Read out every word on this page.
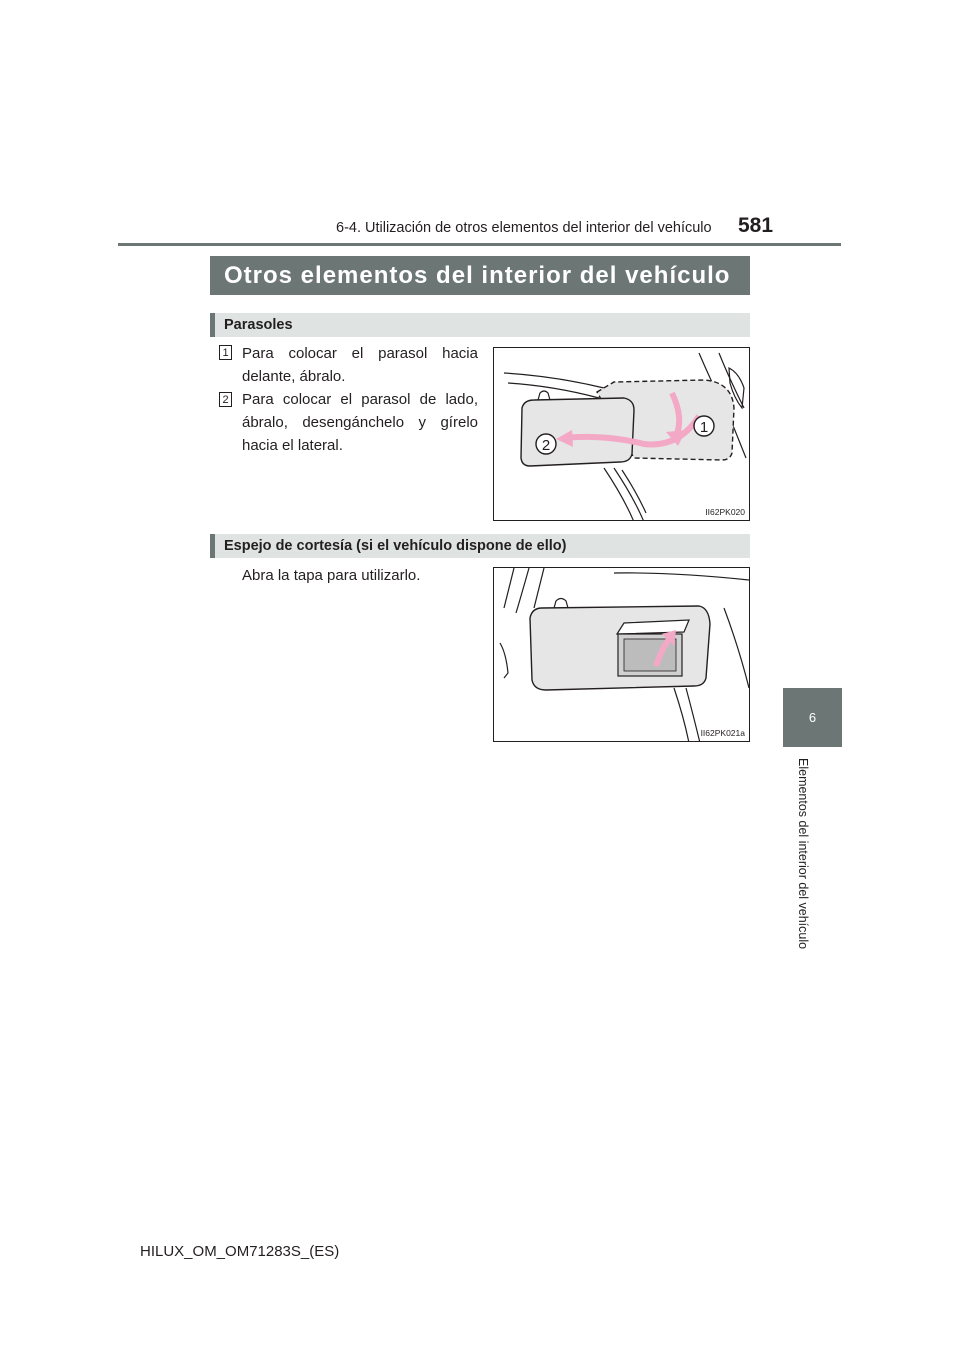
6-4. Utilización de otros elementos del interior del vehículo 581
6
Elementos del interior del vehículo
Otros elementos del interior del vehículo
Parasoles
1 Para colocar el parasol hacia delante, ábralo.
2 Para colocar el parasol de lado, ábralo, desengánchelo y gírelo hacia el lateral.
1
2
II62PK020
Espejo de cortesía (si el vehículo dispone de ello)
Abra la tapa para utilizarlo.
II62PK021a
HILUX_OM_OM71283S_(ES)
